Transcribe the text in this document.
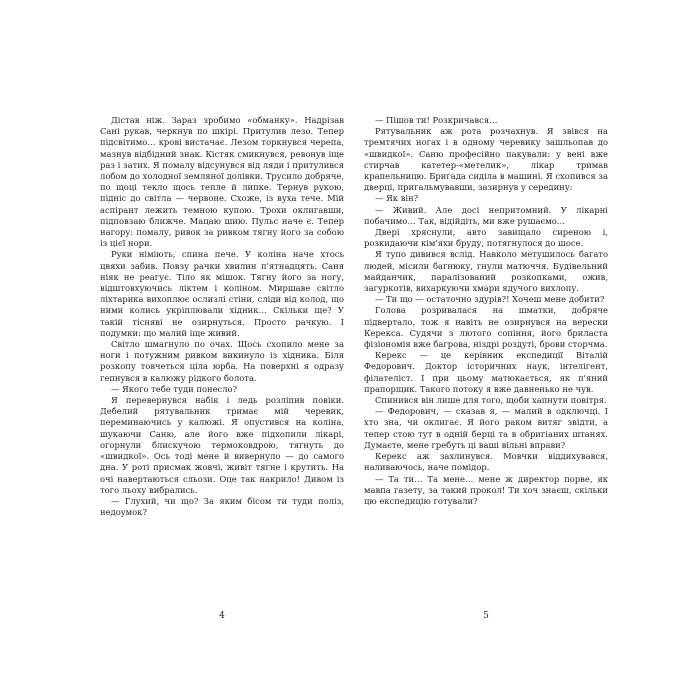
Дістав ніж. Зараз зробимо «обманку». Надрізав Сані рукав, черкнув по шкірі. Притулив лезо. Тепер підсвітимо… крові вистачає. Лезом торкнувся черепа, мазнув відбідний знак. Кістяк смикнувся, ревонув іще раз і затих. Я помалу відсунувся від ляди і притулився лобом до холодної земляної долівки. Трусило добряче, по щоці текло щось тепле й липке. Тернув рукою, підніс до світла — червоне. Схоже, із вуха тече. Мій аспірант лежить темною купою. Трохи оклигавши, підповзаю ближче. Мацаю шию. Пульс наче є. Тепер нагору: помалу, ривок за ривком тягну його за собою із цієї нори.

Руки німіють, спина пече. У коліна наче хтось цвяхи забив. Повзу рачки хвилин п'ятнадцять. Саня ніяк не реагує. Тіло як мішок. Тягну його за ногу, відштовхуючись ліктем і коліном. Миршаве світло ліхтарика вихоплює ослизлі стіни, сліди від колод, що ними колись укріплювали хідник… Скільки ще? У такій тісняві не озирнуться. Просто рачкую. І подумки: що малий іще живий.

Світло шмагнуло по очах. Щось схопило мене за ноги і потужним ривком викинуло із хідника. Біля розкопу товчеться ціла юрба. На поверхні я одразу гепнувся в калюжу рідкого болота.

— Якого тебе туди понесло?

Я перевернувся набік і ледь розліпив повіки. Дебелий рятувальник тримає мій черевик, переминаючись у калюжі. Я опустився на коліна, шукаючи Саню, але його вже підхопили лікарі, огорнули блискучою термоковдрою, тягнуть до «швидкої». Ось тоді мене й вивернуло — до самого дна. У роті присмак жовчі, живіт тягне і крутить. На очі навертаються сльози. Оце так накрило! Дивом із того льоху вибрались.

— Глухий, чи що? За яким бісом ти туди поліз, недоумок?

4

— Пішов ти! Розкричався…

Рятувальник аж рота розчахнув. Я звівся на тремтячих ногах і в одному черевику зашльопав до «швидкої». Саню професійно пакували: у вені вже стирчав катетер-«метелик», лікар тримав крапельницю. Бригада сиділа в машині. Я схопився за дверці, пригальмувавши, зазирнув у середину:

— Як він?

— Живий. Але досі непритомний. У лікарні побачимо… Так, відійдіть, ми вже рушаємо…

Двері хряснули, авто завищало сиреною і, розкидаючи кім'яхи бруду, потягнулося до шосе.

Я тупо дивився вслід. Навколо метушилось багато людей, місили багнюку, гнули матюччя. Будівельний майданчик, паралізований розкопками, ожив, загуркотів, вихаркуючи хмари ядучого вихлопу.

— Ти що — остаточно здурів?! Хочеш мене добити?

Голова розривалася на шматки, добряче підвертало, тож я навіть не озирнувся на верески Керекса. Судячи з лютого сопіння, його брилаcта фізіономія вже багрова, ніздрі роздуті, брови сторчма.

Керекс — це керівник експедиції Віталій Федорович. Доктор історичних наук, інтелігент, філателіст. І при цьому матюкається, як п'яний прапорщик. Такого потоку я вже давненько не чув.

Спинився він лише для того, щоби хапнути повітря.

— Федорович, — сказав я, — малий в одключці. І хто зна, чи оклигає. Я його раком витяг звідти, а тепер стою тут в одній берці та в обригіаних штанях. Думаєте, мене гребуть ці ваші вільні вправи?

Керекс аж захлинувся. Мовчки віддихувався, наливаючось, наче помідор.

— Та ти… Та мене… мене ж директор порве, як мавпа газету, за такий прокол! Ти хоч знаєш, скільки цю експедицію готували?

5
